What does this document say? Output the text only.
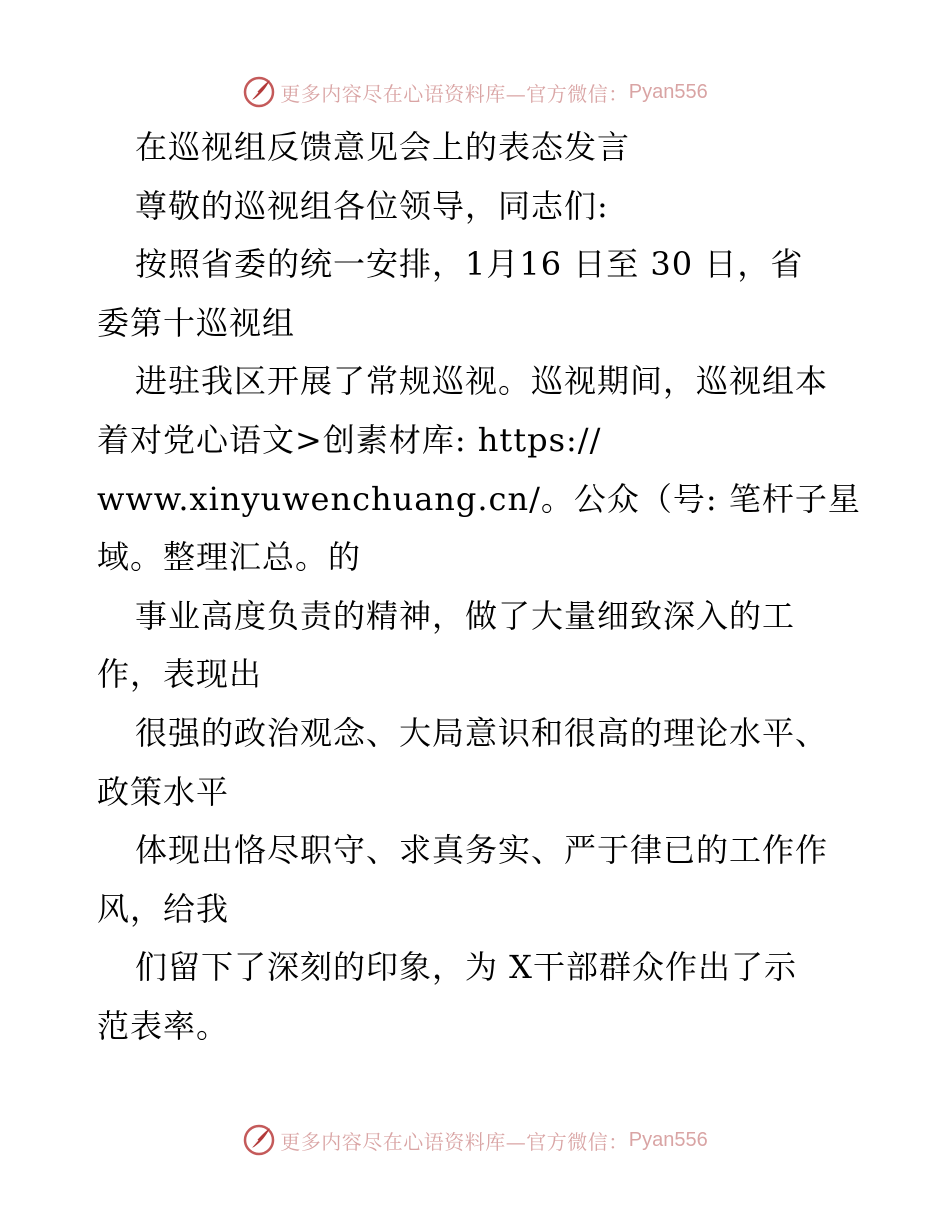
更多内容尽在心语资料库—官方微信： Pyan556
在巡视组反馈意见会上的表态发言
尊敬的巡视组各位领导，同志们:
按照省委的统一安排，1月16 日至 30 日，省
委第十巡视组
进驻我区开展了常规巡视。巡视期间，巡视组本
着对党心语文>创素材库: https://
www.xinyuwenchuang.cn/。公众（号: 笔杆子星
域。整理汇总。的
事业高度负责的精神，做了大量细致深入的工
作，表现出
很强的政治观念、大局意识和很高的理论水平、
政策水平
体现出恪尽职守、求真务实、严于律已的工作作
风，给我
们留下了深刻的印象，为 X干部群众作出了示
范表率。
更多内容尽在心语资料库—官方微信： Pyan556
